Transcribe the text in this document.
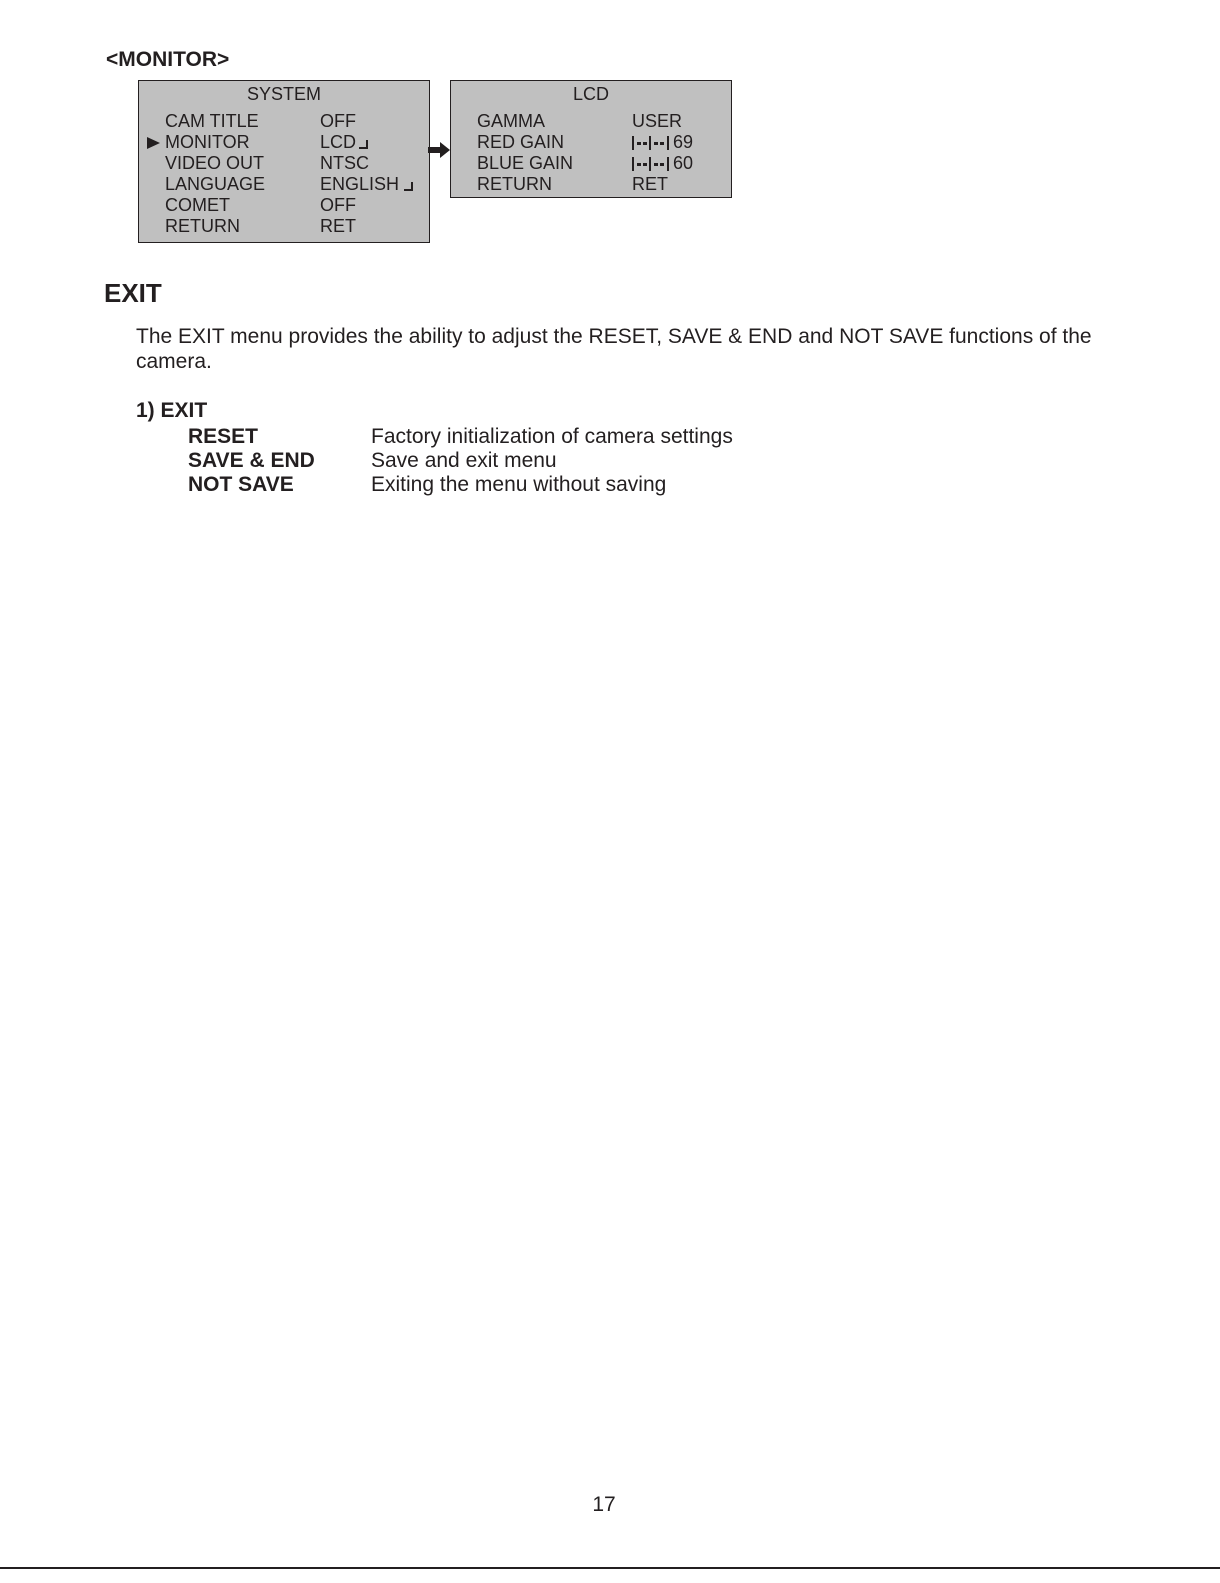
<MONITOR>
SYSTEM
CAM TITLE	OFF
MONITOR	LCD
VIDEO OUT	NTSC
LANGUAGE	ENGLISH
COMET	OFF
RETURN	RET
LCD
GAMMA	USER
RED GAIN	69
BLUE GAIN	60
RETURN	RET
EXIT

The EXIT menu provides the ability to adjust the RESET, SAVE & END and NOT SAVE functions of the camera.

1) EXIT
RESET	Factory initialization of camera settings
SAVE & END	Save and exit menu
NOT SAVE	Exiting the menu without saving
17
